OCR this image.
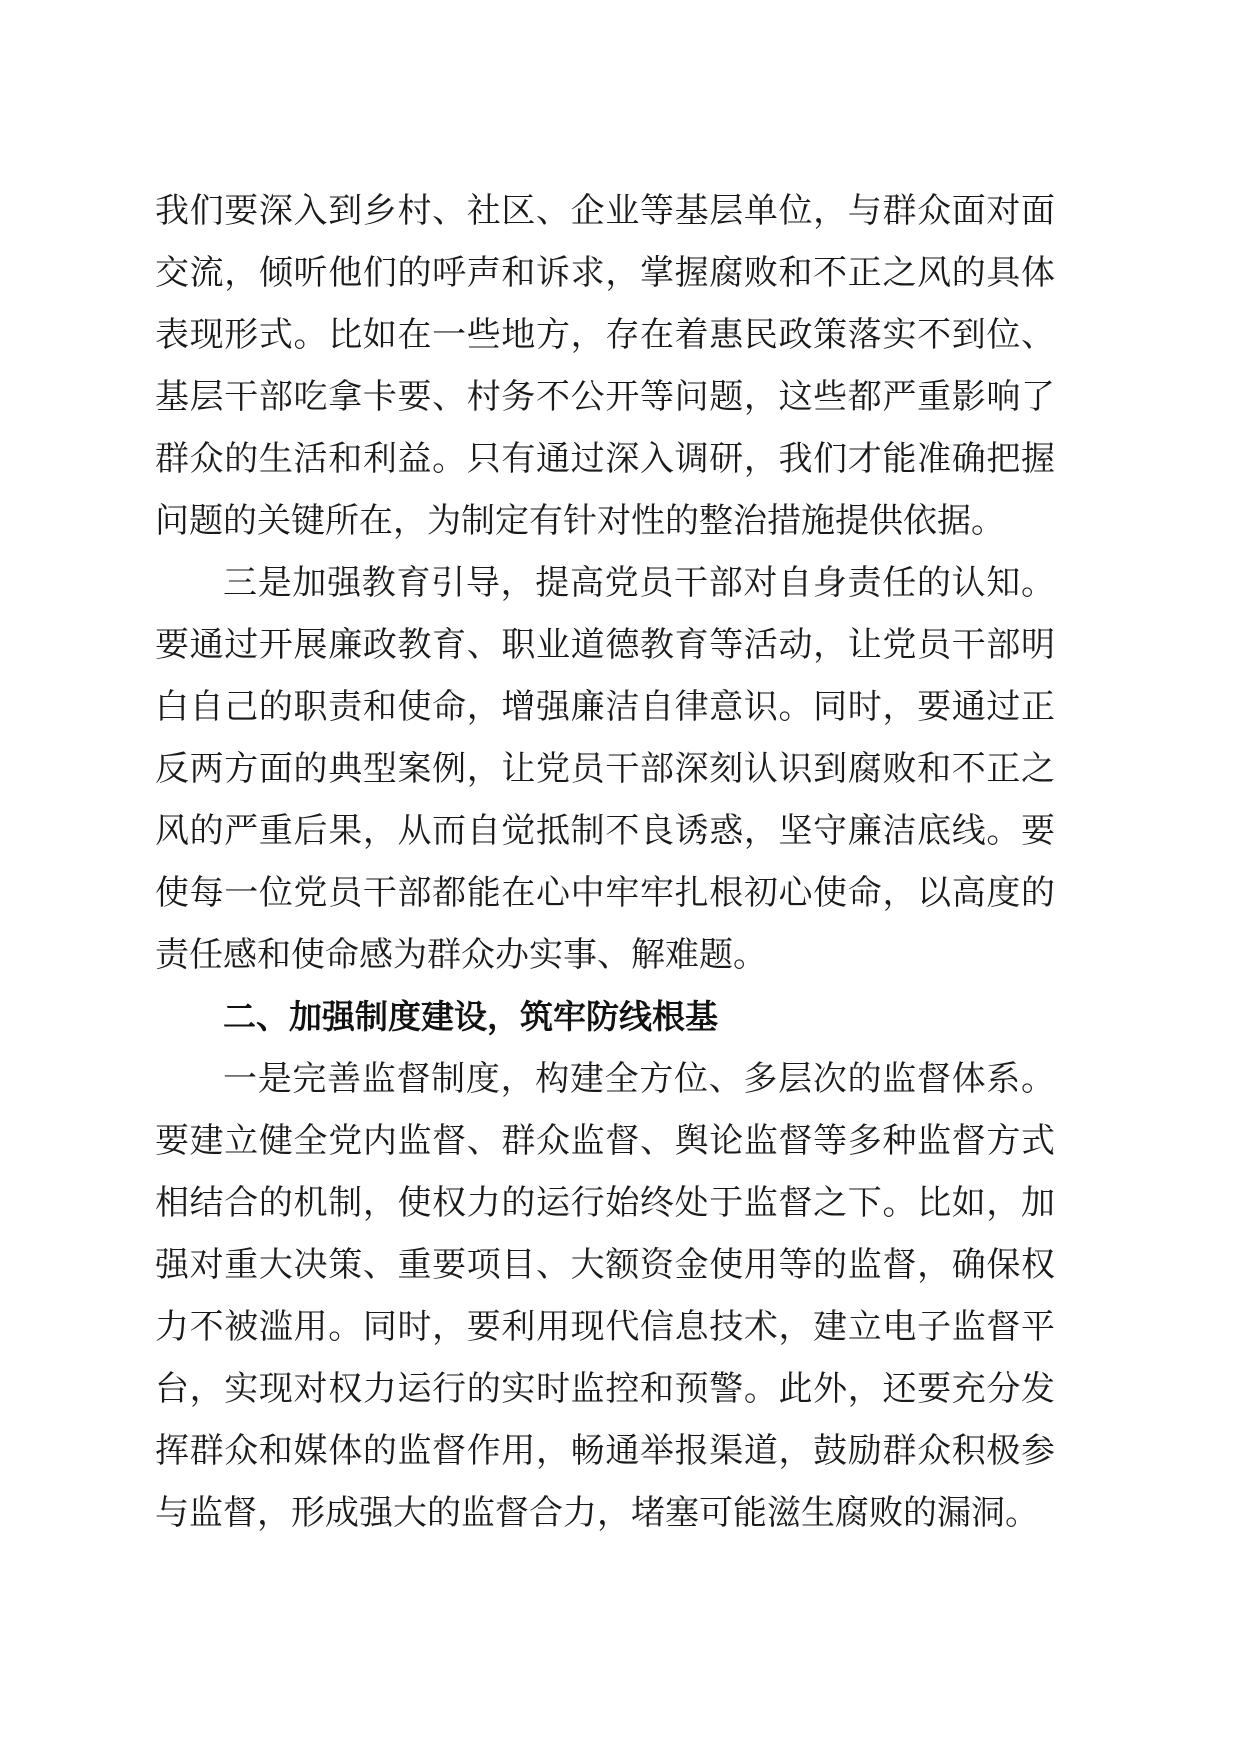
我们要深入到乡村、社区、企业等基层单位，与群众面对面交流，倾听他们的呼声和诉求，掌握腐败和不正之风的具体表现形式。比如在一些地方，存在着惠民政策落实不到位、基层干部吃拿卡要、村务不公开等问题，这些都严重影响了群众的生活和利益。只有通过深入调研，我们才能准确把握问题的关键所在，为制定有针对性的整治措施提供依据。

三是加强教育引导，提高党员干部对自身责任的认知。要通过开展廉政教育、职业道德教育等活动，让党员干部明白自己的职责和使命，增强廉洁自律意识。同时，要通过正反两方面的典型案例，让党员干部深刻认识到腐败和不正之风的严重后果，从而自觉抵制不良诱惑，坚守廉洁底线。要使每一位党员干部都能在心中牢牢扎根初心使命，以高度的责任感和使命感为群众办实事、解难题。

二、加强制度建设，筑牢防线根基

一是完善监督制度，构建全方位、多层次的监督体系。要建立健全党内监督、群众监督、舆论监督等多种监督方式相结合的机制，使权力的运行始终处于监督之下。比如，加强对重大决策、重要项目、大额资金使用等的监督，确保权力不被滥用。同时，要利用现代信息技术，建立电子监督平台，实现对权力运行的实时监控和预警。此外，还要充分发挥群众和媒体的监督作用，畅通举报渠道，鼓励群众积极参与监督，形成强大的监督合力，堵塞可能滋生腐败的漏洞。
